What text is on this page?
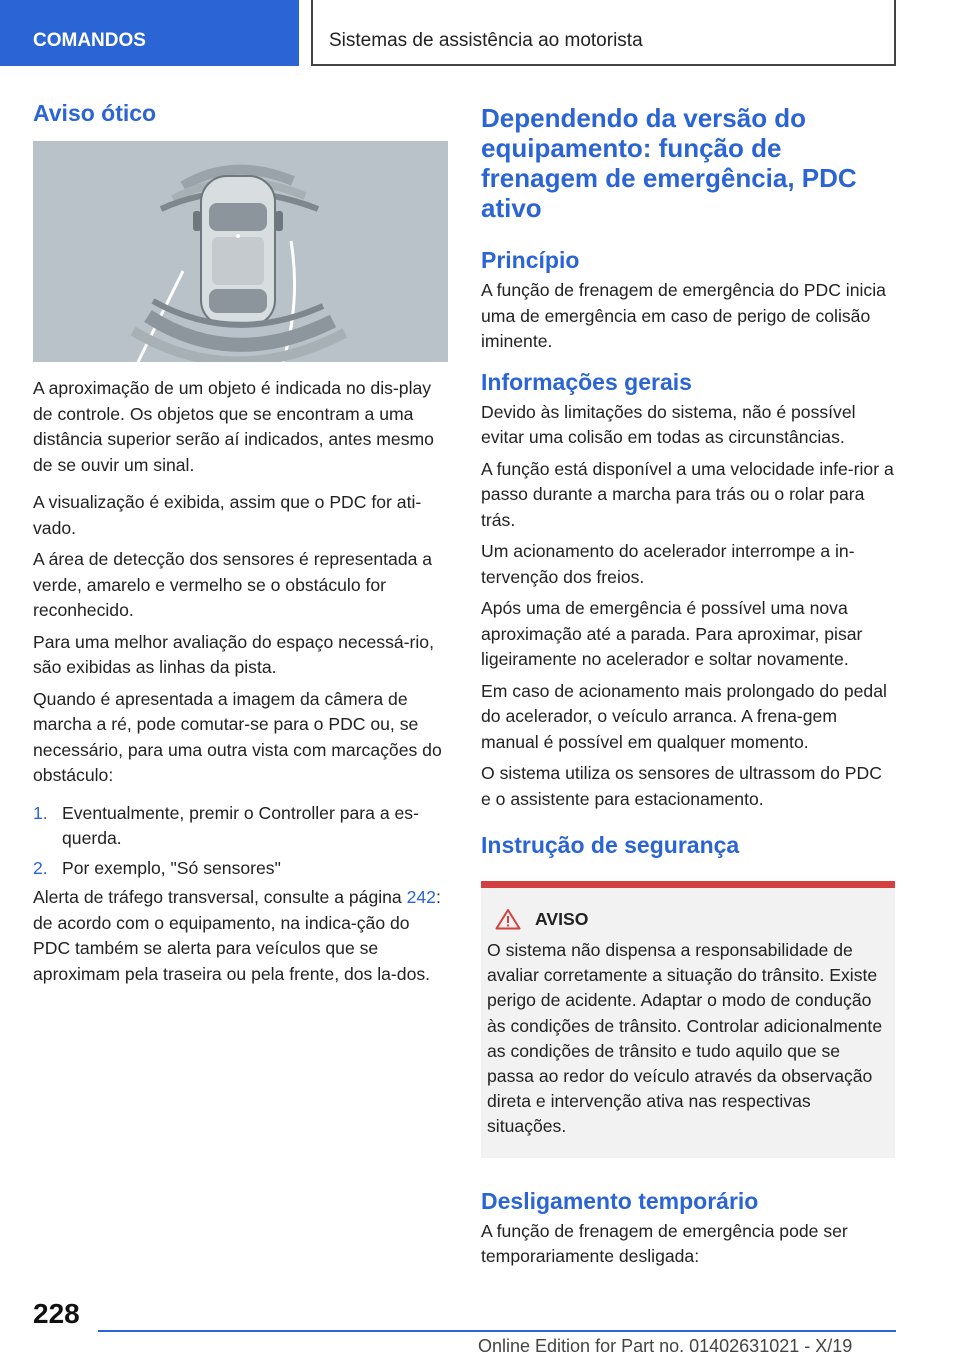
COMANDOS	Sistemas de assistência ao motorista
Aviso ótico

A aproximação de um objeto é indicada no dis-play de controle. Os objetos que se encontram a uma distância superior serão aí indicados, antes mesmo de se ouvir um sinal.

A visualização é exibida, assim que o PDC for ati-vado.

A área de detecção dos sensores é representada a verde, amarelo e vermelho se o obstáculo for reconhecido.

Para uma melhor avaliação do espaço necessá-rio, são exibidas as linhas da pista.

Quando é apresentada a imagem da câmera de marcha a ré, pode comutar-se para o PDC ou, se necessário, para uma outra vista com marcações do obstáculo:

1. Eventualmente, premir o Controller para a es-querda.
2. Por exemplo, "Só sensores"

Alerta de tráfego transversal, consulte a página 242: de acordo com o equipamento, na indica-ção do PDC também se alerta para veículos que se aproximam pela traseira ou pela frente, dos la-dos.

Dependendo da versão do equipamento: função de frenagem de emergência, PDC ativo
Princípio

A função de frenagem de emergência do PDC inicia uma de emergência em caso de perigo de colisão iminente.

Informações gerais

Devido às limitações do sistema, não é possível evitar uma colisão em todas as circunstâncias.

A função está disponível a uma velocidade infe-rior a passo durante a marcha para trás ou o rolar para trás.

Um acionamento do acelerador interrompe a in-tervenção dos freios.

Após uma de emergência é possível uma nova aproximação até a parada. Para aproximar, pisar ligeiramente no acelerador e soltar novamente.

Em caso de acionamento mais prolongado do pedal do acelerador, o veículo arranca. A frena-gem manual é possível em qualquer momento.

O sistema utiliza os sensores de ultrassom do PDC e o assistente para estacionamento.

Instrução de segurança
AVISO

O sistema não dispensa a responsabilidade de avaliar corretamente a situação do trânsito. Existe perigo de acidente. Adaptar o modo de condução às condições de trânsito. Controlar adicionalmente as condições de trânsito e tudo aquilo que se passa ao redor do veículo através da observação direta e intervenção ativa nas respectivas situações.

Desligamento temporário

A função de frenagem de emergência pode ser temporariamente desligada:

228
Online Edition for Part no. 01402631021 - X/19
